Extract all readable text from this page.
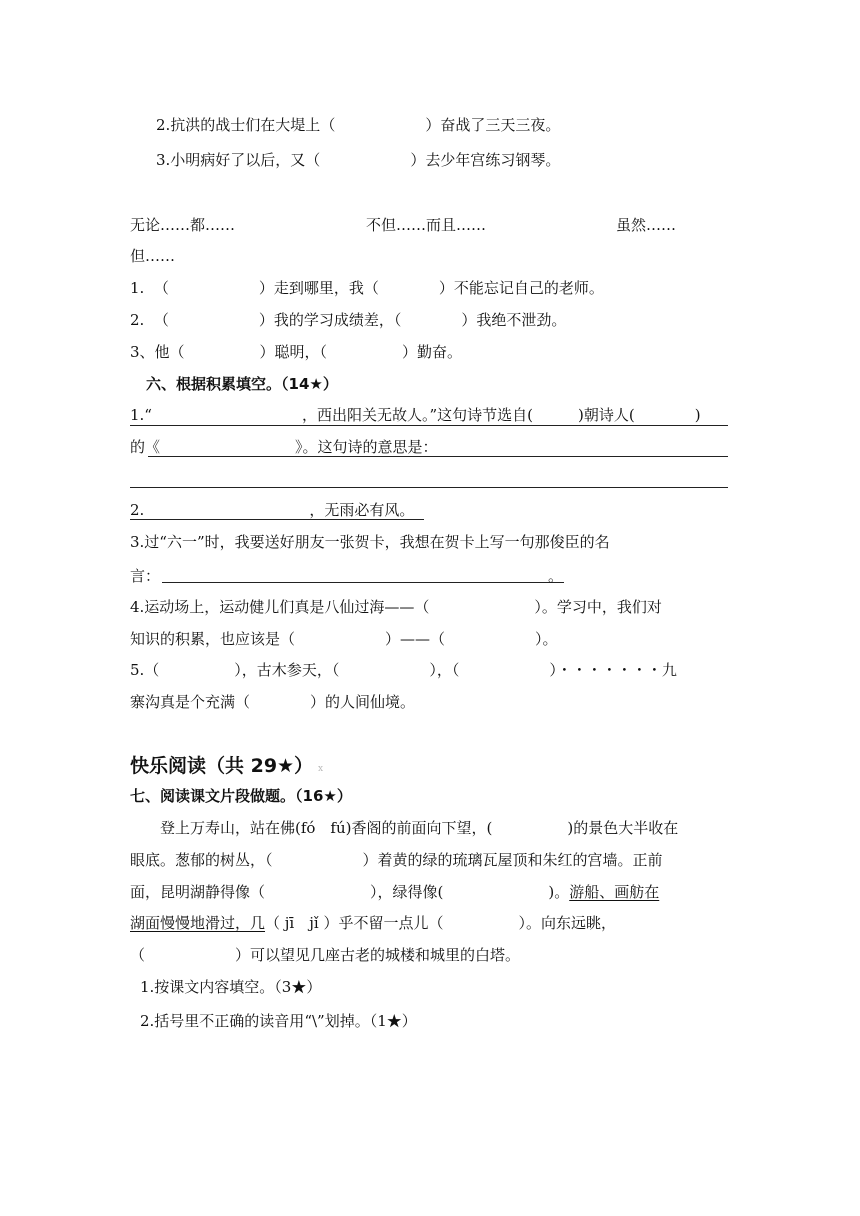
2.抗洪的战士们在大堤上（　　　　　　）奋战了三天三夜。
3.小明病好了以后，又（　　　　　　）去少年宫练习钢琴。
无论……都……	不但……而且……	虽然……
但……
1.  （　　　　　　）走到哪里，我（　　　　）不能忘记自己的老师。
2.  （　　　　　　）我的学习成绩差，（　　　　）我绝不泄劲。
3、他（　　　　　）聪明，（　　　　　）勤奋。
六、根据积累填空。（14★）
1.“　　　　　　　　　　，西出阳关无故人。”这句诗节选自(　　　)朝诗人(　　　　)
的《　　　　　　　　　》。这句诗的意思是：
2.　　　　　　　　　　　，无雨必有风。
3.过“六一”时，我要送好朋友一张贺卡，我想在贺卡上写一句那俊臣的名
言：	。
4.运动场上，运动健儿们真是八仙过海——（　　　　　　　）。学习中，我们对
知识的积累，也应该是（　　　　　　）——（　　　　　　）。
5.（　　　　　），古木参天，（　　　　　　），（　　　　　　）・・・・・・・九
寨沟真是个充满（　　　　）的人间仙境。
快乐阅读（共 29★） x
七、阅读课文片段做题。（16★）
　　登上万寿山，站在佛(fó　fú)香阁的前面向下望，(　　　　　)的景色大半收在
眼底。葱郁的树丛，（　　　　　　）着黄的绿的琉璃瓦屋顶和朱红的宫墙。正前
面，昆明湖静得像（　　　　　　　），绿得像(　　　　　　　)。游船、画舫在
湖面慢慢地滑过，几（ jī　jǐ ）乎不留一点儿（　　　　　）。向东远眺，
（　　　　　　）可以望见几座古老的城楼和城里的白塔。
1.按课文内容填空。（3★）
2.括号里不正确的读音用“\”划掉。（1★）
